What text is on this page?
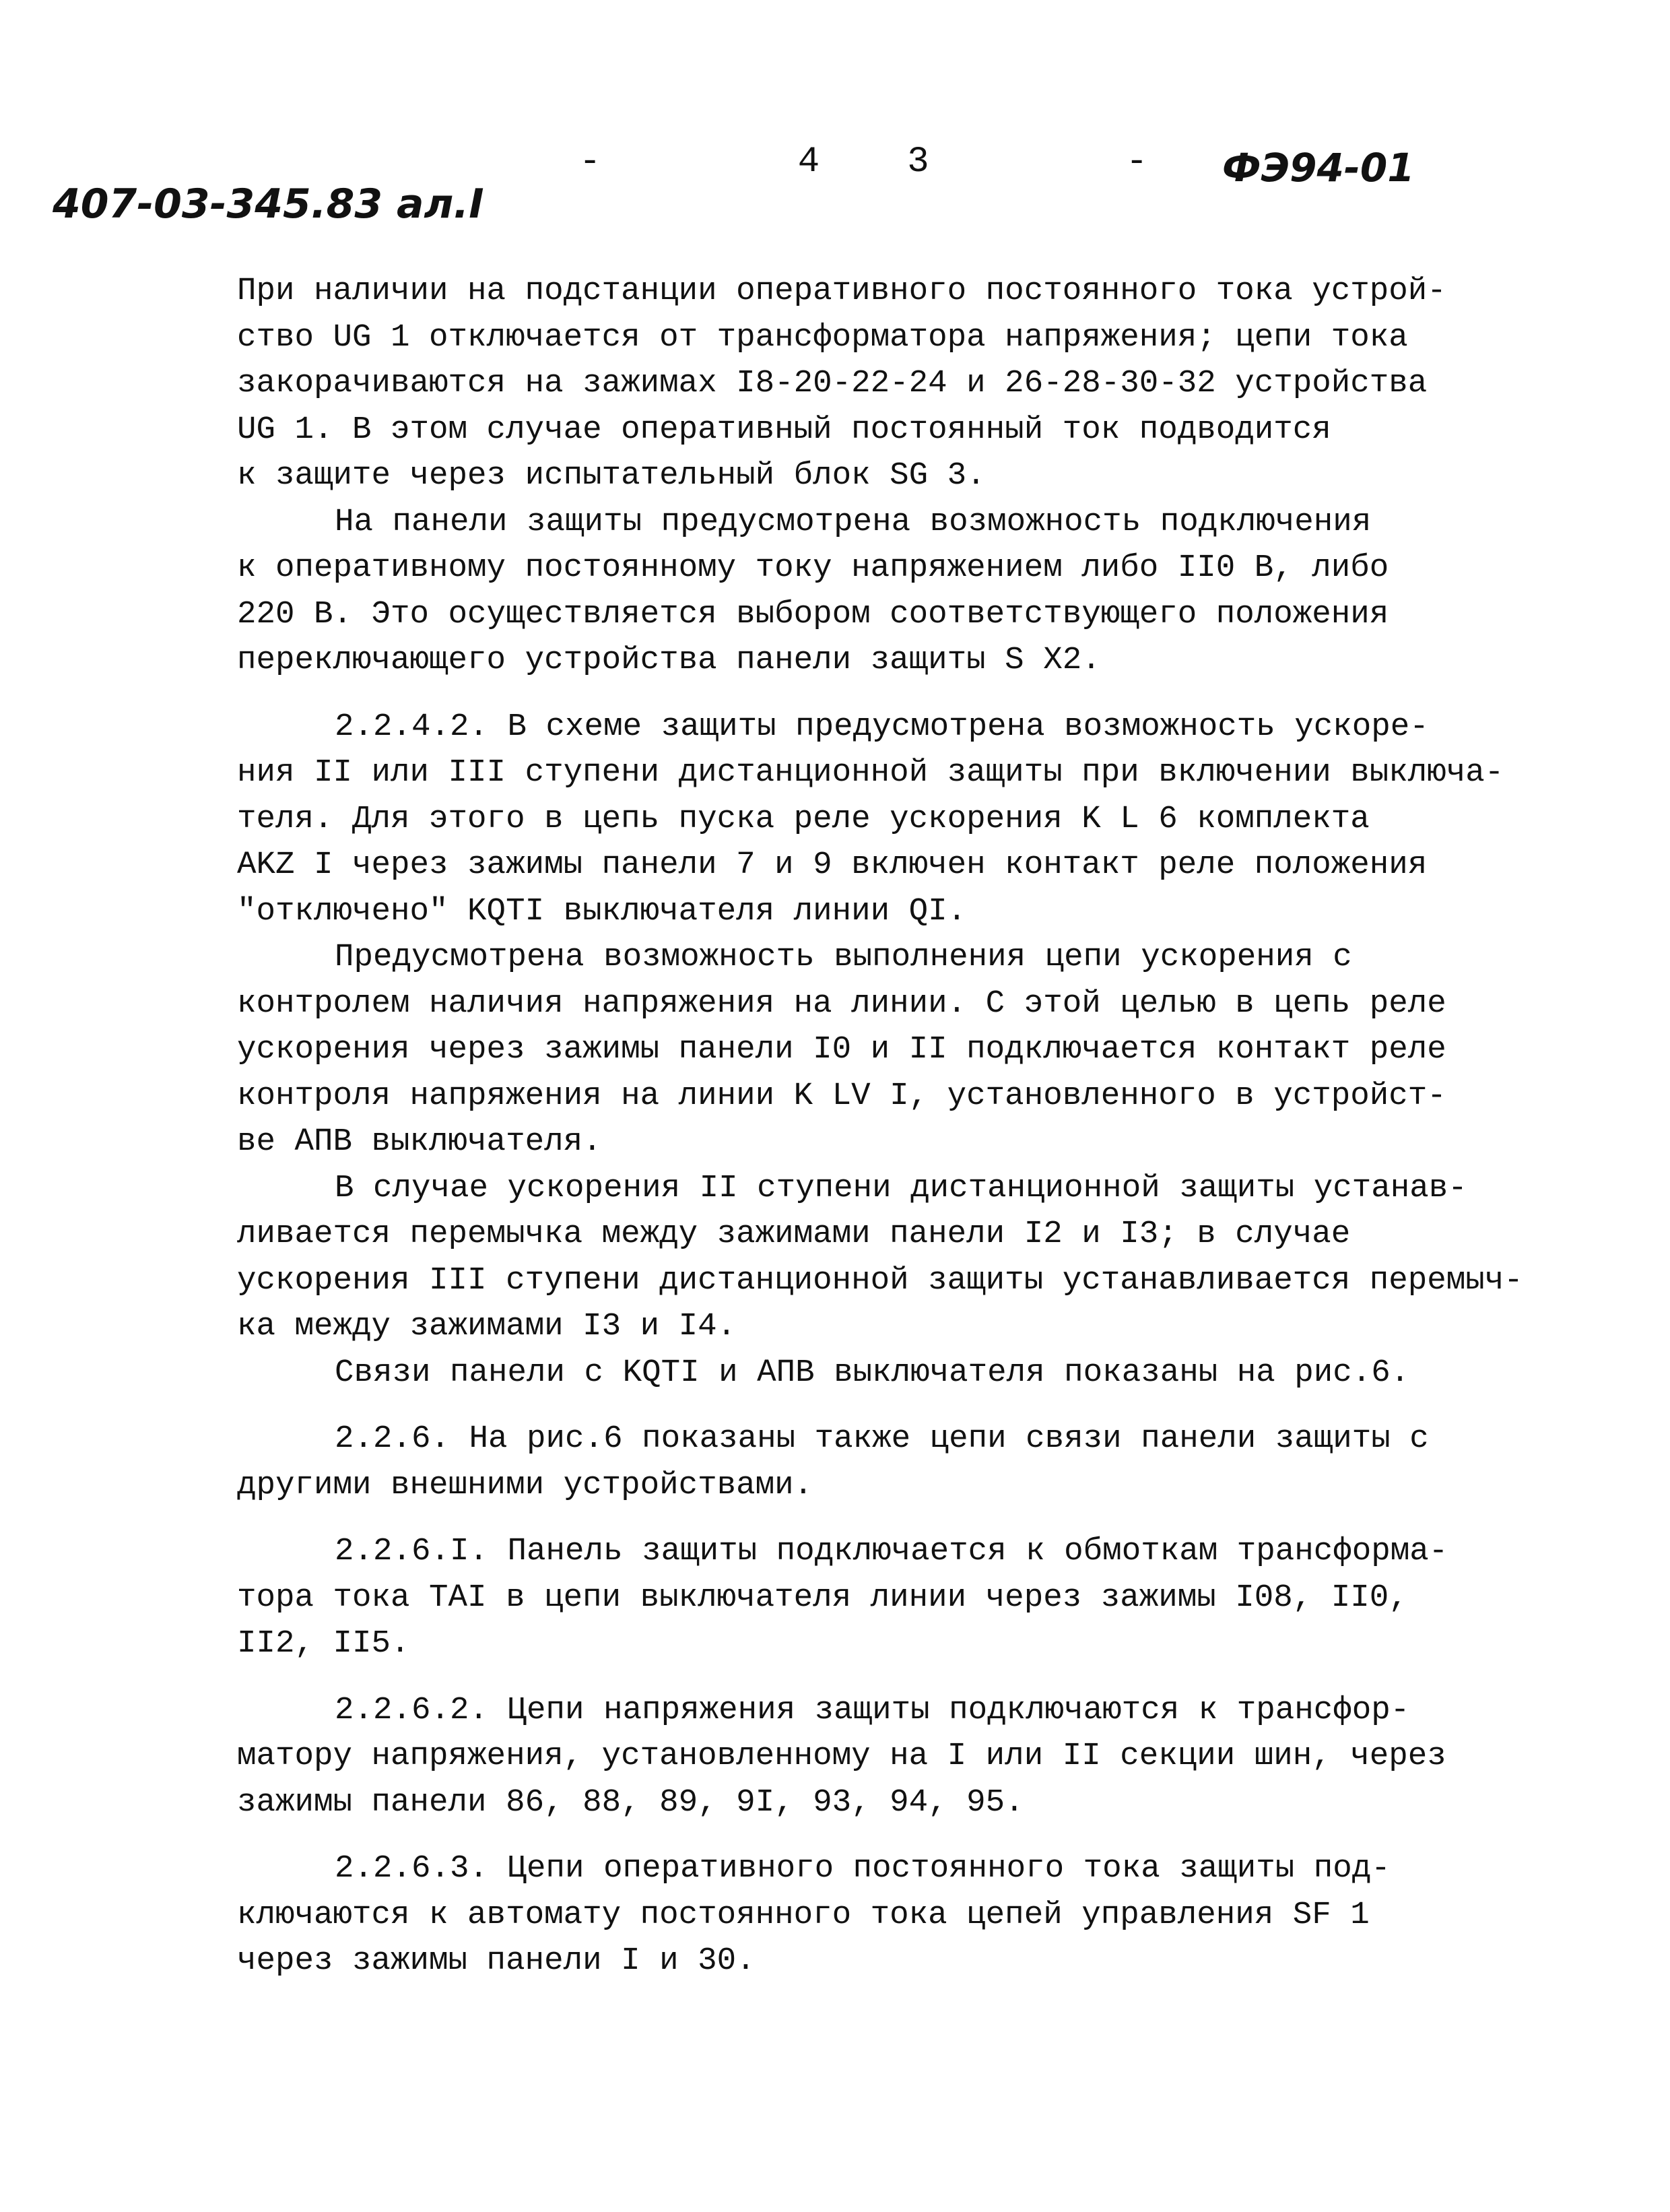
407-03-345.83 ал.I
- 43 -
ФЭ94-01
При наличии на подстанции оперативного постоянного тока устрой-
ство UG 1 отключается от трансформатора напряжения; цепи тока
закорачиваются на зажимах I8-20-22-24 и 26-28-30-32 устройства
UG 1. В этом случае оперативный постоянный ток подводится
к защите через испытательный блок SG 3.
На панели защиты предусмотрена возможность подключения
к оперативному постоянному току напряжением либо II0 В, либо
220 В. Это осуществляется выбором соответствующего положения
переключающего устройства панели защиты S X2.
2.2.4.2. В схеме защиты предусмотрена возможность ускоре-
ния II или III ступени дистанционной защиты при включении выключа-
теля. Для этого в цепь пуска реле ускорения K L 6 комплекта
AKZ I через зажимы панели 7 и 9 включен контакт реле положения
"отключено" KQTI выключателя линии QI.
Предусмотрена возможность выполнения цепи ускорения с
контролем наличия напряжения на линии. С этой целью в цепь реле
ускорения через зажимы панели I0 и II подключается контакт реле
контроля напряжения на линии K LV I, установленного в устройст-
ве АПВ выключателя.
В случае ускорения II ступени дистанционной защиты устанав-
ливается перемычка между зажимами панели I2 и I3; в случае
ускорения III ступени дистанционной защиты устанавливается перемыч-
ка между зажимами I3 и I4.
Связи панели с KQTI и АПВ выключателя показаны на рис.6.
2.2.6. На рис.6 показаны также цепи связи панели защиты с
другими внешними устройствами.
2.2.6.I. Панель защиты подключается к обмоткам трансформа-
тора тока TAI в цепи выключателя линии через зажимы I08, II0,
II2, II5.
2.2.6.2. Цепи напряжения защиты подключаются к трансфор-
матору напряжения, установленному на I или II секции шин, через
зажимы панели 86, 88, 89, 9I, 93, 94, 95.
2.2.6.3. Цепи оперативного постоянного тока защиты под-
ключаются к автомату постоянного тока цепей управления SF 1
через зажимы панели I и 30.
